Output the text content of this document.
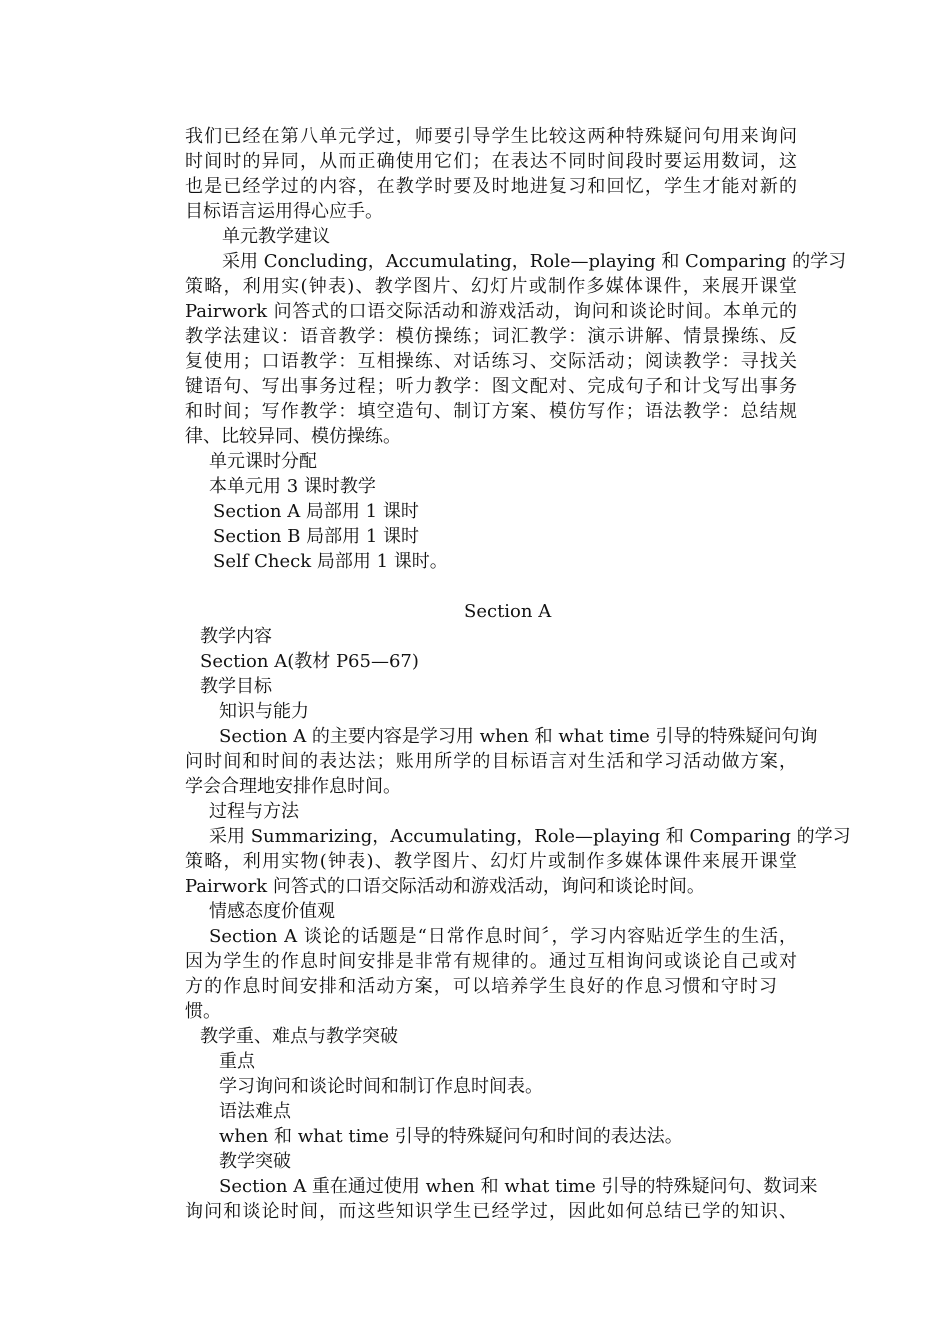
我们已经在第八单元学过，师要引导学生比较这两种特殊疑问句用来询问
时间时的异同，从而正确使用它们；在表达不同时间段时要运用数词，这
也是已经学过的内容，在教学时要及时地进复习和回忆，学生才能对新的
目标语言运用得心应手。
单元教学建议
采用 Concluding，Accumulating，Role—playing 和 Comparing 的学习
策略，利用实(钟表)、教学图片、幻灯片或制作多媒体课件，来展开课堂
Pairwork 问答式的口语交际活动和游戏活动，询问和谈论时间。本单元的
教学法建议：语音教学：模仿操练；词汇教学：演示讲解、情景操练、反
复使用；口语教学：互相操练、对话练习、交际活动；阅读教学：寻找关
键语句、写出事务过程；听力教学：图文配对、完成句子和计戈写出事务
和时间；写作教学：填空造句、制订方案、模仿写作；语法教学：总结规
律、比较异同、模仿操练。
单元课时分配
本单元用 3 课时教学
Section A 局部用 1 课时
Section B 局部用 1 课时
Self Check 局部用 1 课时。
Section A
教学内容
Section A(教材 P65—67)
教学目标
知识与能力
Section A 的主要内容是学习用 when 和 what time 引导的特殊疑问句询
问时间和时间的表达法；账用所学的目标语言对生活和学习活动做方案，
学会合理地安排作息时间。
过程与方法
采用 Summarizing，Accumulating，Role—playing 和 Comparing 的学习
策略，利用实物(钟表)、教学图片、幻灯片或制作多媒体课件来展开课堂
Pairwork 问答式的口语交际活动和游戏活动，询问和谈论时间。
情感态度价值观
Section A 谈论的话题是“日常作息时间〞，学习内容贴近学生的生活，
因为学生的作息时间安排是非常有规律的。通过互相询问或谈论自己或对
方的作息时间安排和活动方案，可以培养学生良好的作息习惯和守时习
惯。
教学重、难点与教学突破
重点
学习询问和谈论时间和制订作息时间表。
语法难点
when 和 what time 引导的特殊疑问句和时间的表达法。
教学突破
Section A 重在通过使用 when 和 what time 引导的特殊疑问句、数词来
询问和谈论时间，而这些知识学生已经学过，因此如何总结已学的知识、
